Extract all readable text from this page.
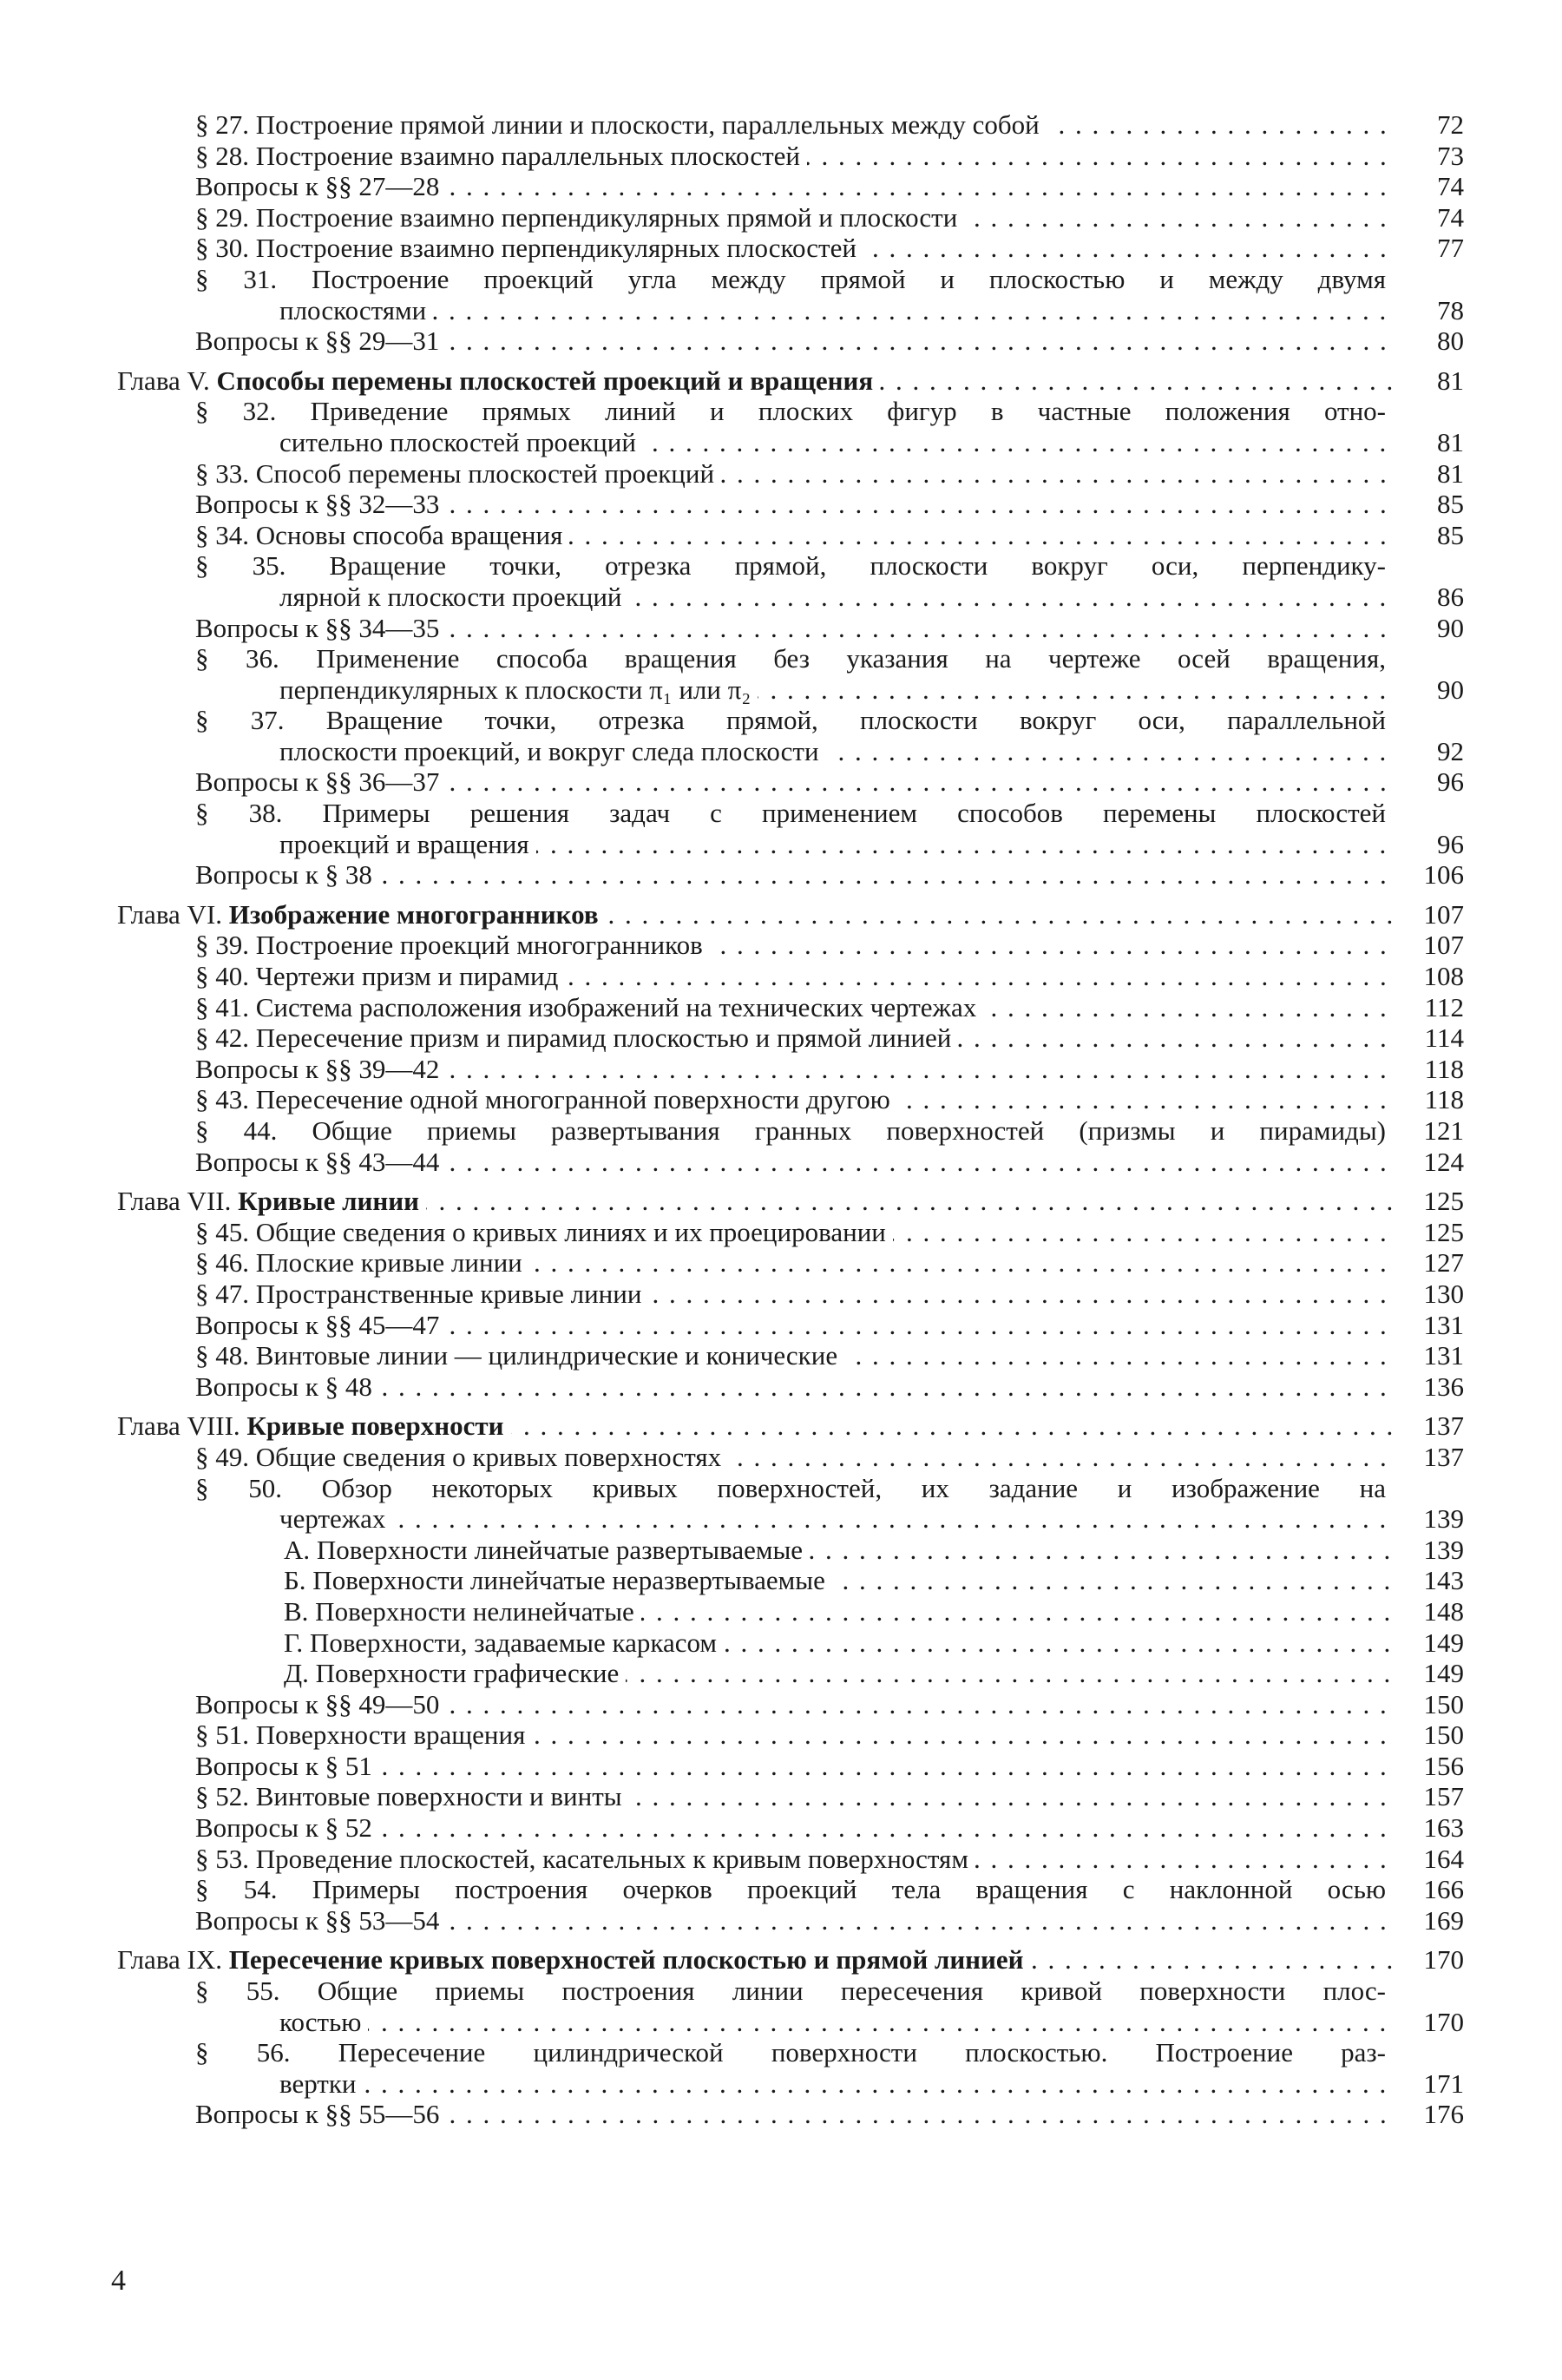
§ 27. Построение прямой линии и плоскости, параллельных между собой . . .	72
§ 28. Построение взаимно параллельных плоскостей . . .	73
Вопросы к §§ 27—28 . . .	74
§ 29. Построение взаимно перпендикулярных прямой и плоскости . . .	74
§ 30. Построение взаимно перпендикулярных плоскостей . . .	77
§ 31. Построение проекций угла между прямой и плоскостью и между двумя
плоскостями . . .	78
Вопросы к §§ 29—31 . . .	80
Глава V. Способы перемены плоскостей проекций и вращения . . .	81
§ 32. Приведение прямых линий и плоских фигур в частные положения отно-
сительно плоскостей проекций . . .	81
§ 33. Способ перемены плоскостей проекций . . .	81
Вопросы к §§ 32—33 . . .	85
§ 34. Основы способа вращения . . .	85
§ 35. Вращение точки, отрезка прямой, плоскости вокруг оси, перпендику-
лярной к плоскости проекций . . .	86
Вопросы к §§ 34—35 . . .	90
§ 36. Применение способа вращения без указания на чертеже осей вращения,
перпендикулярных к плоскости π₁ или π₂ . . .	90
§ 37. Вращение точки, отрезка прямой, плоскости вокруг оси, параллельной
плоскости проекций, и вокруг следа плоскости . . .	92
Вопросы к §§ 36—37 . . .	96
§ 38. Примеры решения задач с применением способов перемены плоскостей
проекций и вращения . . .	96
Вопросы к § 38 . . .	106
Глава VI. Изображение многогранников . . .	107
§ 39. Построение проекций многогранников . . .	107
§ 40. Чертежи призм и пирамид . . .	108
§ 41. Система расположения изображений на технических чертежах . . .	112
§ 42. Пересечение призм и пирамид плоскостью и прямой линией . . .	114
Вопросы к §§ 39—42 . . .	118
§ 43. Пересечение одной многогранной поверхности другою . . .	118
§ 44. Общие приемы развертывания гранных поверхностей (призмы и пирамиды)	121
Вопросы к §§ 43—44 . . .	124
Глава VII. Кривые линии . . .	125
§ 45. Общие сведения о кривых линиях и их проецировании . . .	125
§ 46. Плоские кривые линии . . .	127
§ 47. Пространственные кривые линии . . .	130
Вопросы к §§ 45—47 . . .	131
§ 48. Винтовые линии — цилиндрические и конические . . .	131
Вопросы к § 48 . . .	136
Глава VIII. Кривые поверхности . . .	137
§ 49. Общие сведения о кривых поверхностях . . .	137
§ 50. Обзор некоторых кривых поверхностей, их задание и изображение на
чертежах . . .	139
А. Поверхности линейчатые развертываемые . . .	139
Б. Поверхности линейчатые неразвертываемые . . .	143
В. Поверхности нелинейчатые . . .	148
Г. Поверхности, задаваемые каркасом . . .	149
Д. Поверхности графические . . .	149
Вопросы к §§ 49—50 . . .	150
§ 51. Поверхности вращения . . .	150
Вопросы к § 51 . . .	156
§ 52. Винтовые поверхности и винты . . .	157
Вопросы к § 52 . . .	163
§ 53. Проведение плоскостей, касательных к кривым поверхностям . . .	164
§ 54. Примеры построения очерков проекций тела вращения с наклонной осью	166
Вопросы к §§ 53—54 . . .	169
Глава IX. Пересечение кривых поверхностей плоскостью и прямой линией . . .	170
§ 55. Общие приемы построения линии пересечения кривой поверхности плос-
костью . . .	170
§ 56. Пересечение цилиндрической поверхности плоскостью. Построение раз-
вертки . . .	171
Вопросы к §§ 55—56 . . .	176
4
